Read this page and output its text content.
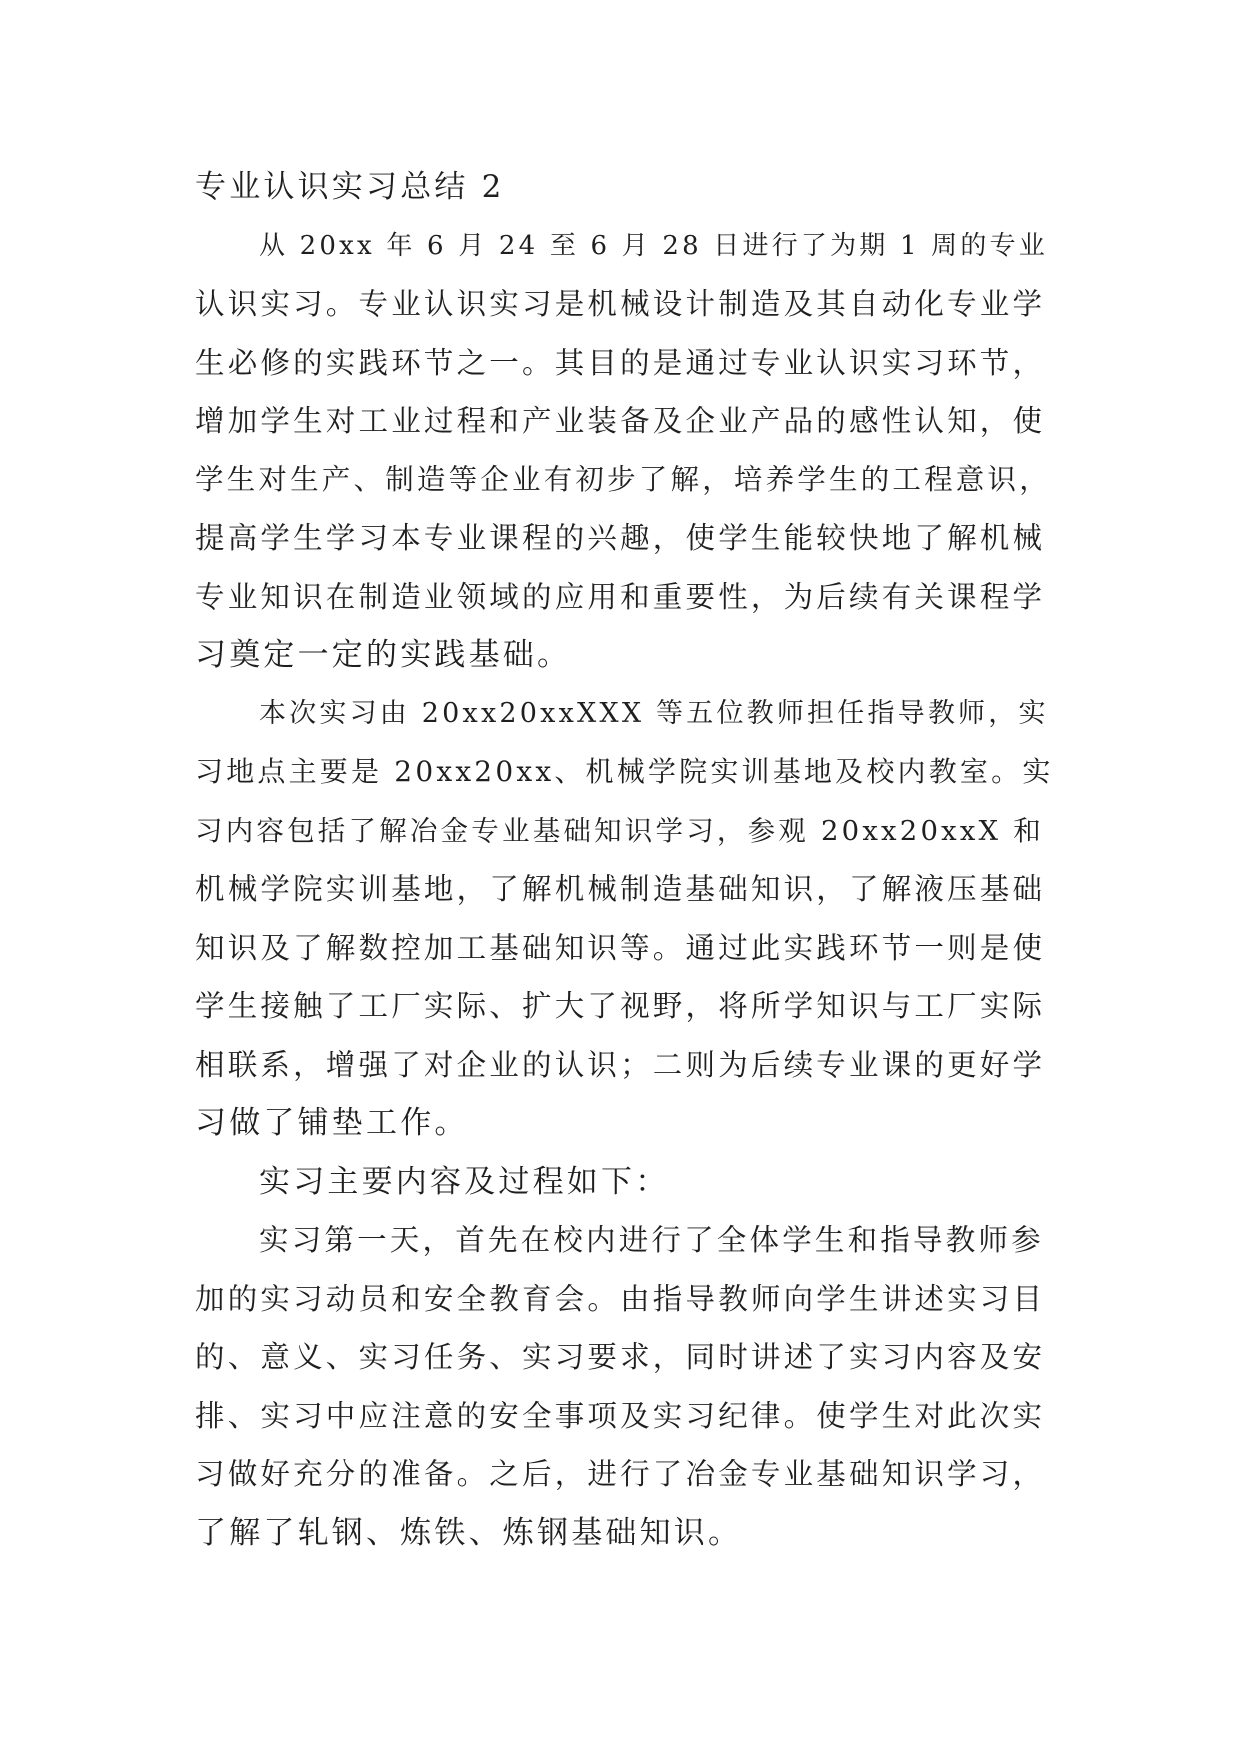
专业认识实习总结 2
从 20xx 年 6 月 24 至 6 月 28 日进行了为期 1 周的专业
认识实习。专业认识实习是机械设计制造及其自动化专业学
生必修的实践环节之一。其目的是通过专业认识实习环节，
增加学生对工业过程和产业装备及企业产品的感性认知，使
学生对生产、制造等企业有初步了解，培养学生的工程意识，
提高学生学习本专业课程的兴趣，使学生能较快地了解机械
专业知识在制造业领域的应用和重要性，为后续有关课程学
习奠定一定的实践基础。
本次实习由 20xx20xxXXX 等五位教师担任指导教师，实
习地点主要是 20xx20xx、机械学院实训基地及校内教室。实
习内容包括了解冶金专业基础知识学习，参观 20xx20xxX 和
机械学院实训基地，了解机械制造基础知识，了解液压基础
知识及了解数控加工基础知识等。通过此实践环节一则是使
学生接触了工厂实际、扩大了视野，将所学知识与工厂实际
相联系，增强了对企业的认识；二则为后续专业课的更好学
习做了铺垫工作。
实习主要内容及过程如下：
实习第一天，首先在校内进行了全体学生和指导教师参
加的实习动员和安全教育会。由指导教师向学生讲述实习目
的、意义、实习任务、实习要求，同时讲述了实习内容及安
排、实习中应注意的安全事项及实习纪律。使学生对此次实
习做好充分的准备。之后，进行了冶金专业基础知识学习，
了解了轧钢、炼铁、炼钢基础知识。
